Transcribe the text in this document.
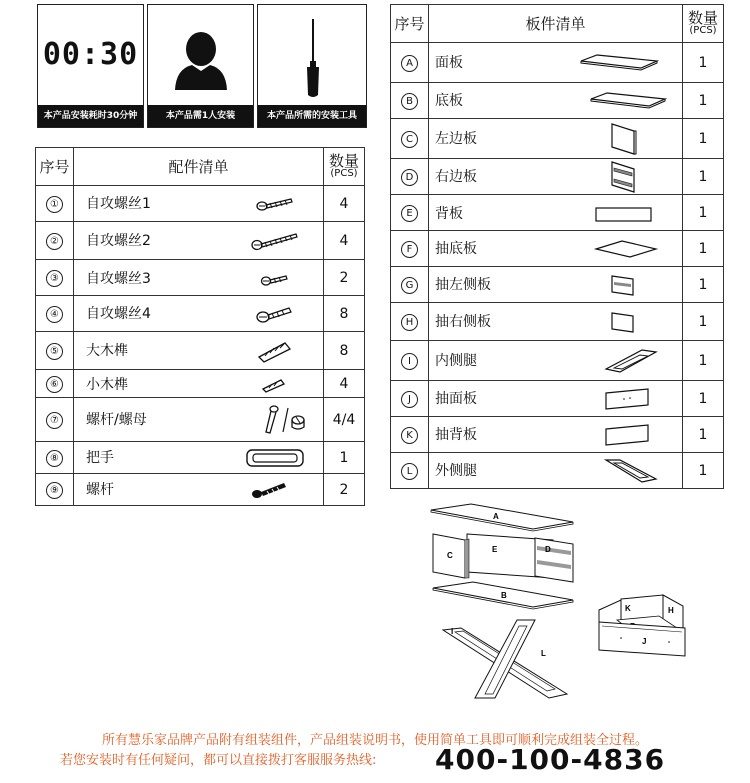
00:30
本产品安装耗时30分钟	本产品需1人安装	本产品所需的安装工具
序号	配件清单	数量
(PCS)

①	自攻螺丝1	4
②	自攻螺丝2	4
③	自攻螺丝3	2
④	自攻螺丝4	8
⑤	大木榫	8
⑥	小木榫	4
⑦	螺杆/螺母	4/4
⑧	把手	1
⑨	螺杆	2
序号	板件清单	数量
(PCS)

A	面板	1
B	底板	1
C	左边板	1
D	右边板	1
E	背板	1
F	抽底板	1
G	抽左侧板	1
H	抽右侧板	1
I	内侧腿	1
J	抽面板	1
K	抽背板	1
L	外侧腿	1
A
E
C
D
B
I
L
K	H
J
所有慧乐家品牌产品附有组装组件，产品组装说明书，使用简单工具即可顺利完成组装全过程。
若您安装时有任何疑问，都可以直接拨打客服服务热线: 400-100-4836
